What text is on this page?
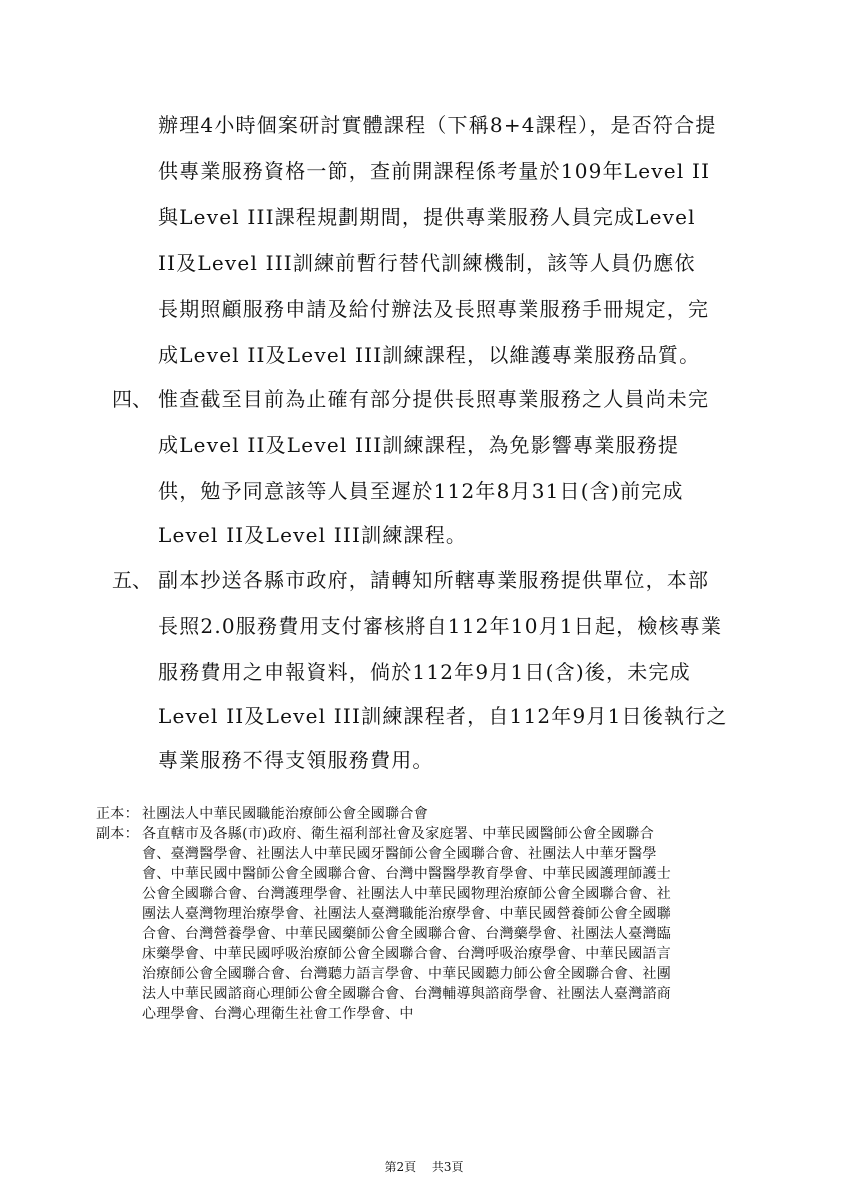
辦理4小時個案研討實體課程（下稱8+4課程），是否符合提
供專業服務資格一節，查前開課程係考量於109年Level II
與Level III課程規劃期間，提供專業服務人員完成Level
II及Level III訓練前暫行替代訓練機制，該等人員仍應依
長期照顧服務申請及給付辦法及長照專業服務手冊規定，完
成Level II及Level III訓練課程，以維護專業服務品質。
四、 惟查截至目前為止確有部分提供長照專業服務之人員尚未完
成Level II及Level III訓練課程，為免影響專業服務提
供，勉予同意該等人員至遲於112年8月31日(含)前完成
Level II及Level III訓練課程。
五、 副本抄送各縣市政府，請轉知所轄專業服務提供單位，本部
長照2.0服務費用支付審核將自112年10月1日起，檢核專業
服務費用之申報資料，倘於112年9月1日(含)後，未完成
Level II及Level III訓練課程者，自112年9月1日後執行之
專業服務不得支領服務費用。
正本： 社團法人中華民國職能治療師公會全國聯合會
副本： 各直轄市及各縣(市)政府、衛生福利部社會及家庭署、中華民國醫師公會全國聯合
會、臺灣醫學會、社團法人中華民國牙醫師公會全國聯合會、社團法人中華牙醫學
會、中華民國中醫師公會全國聯合會、台灣中醫醫學教育學會、中華民國護理師護士
公會全國聯合會、台灣護理學會、社團法人中華民國物理治療師公會全國聯合會、社
團法人臺灣物理治療學會、社團法人臺灣職能治療學會、中華民國營養師公會全國聯
合會、台灣營養學會、中華民國藥師公會全國聯合會、台灣藥學會、社團法人臺灣臨
床藥學會、中華民國呼吸治療師公會全國聯合會、台灣呼吸治療學會、中華民國語言
治療師公會全國聯合會、台灣聽力語言學會、中華民國聽力師公會全國聯合會、社團
法人中華民國諮商心理師公會全國聯合會、台灣輔導與諮商學會、社團法人臺灣諮商
心理學會、台灣心理衛生社會工作學會、中
第2頁 共3頁
